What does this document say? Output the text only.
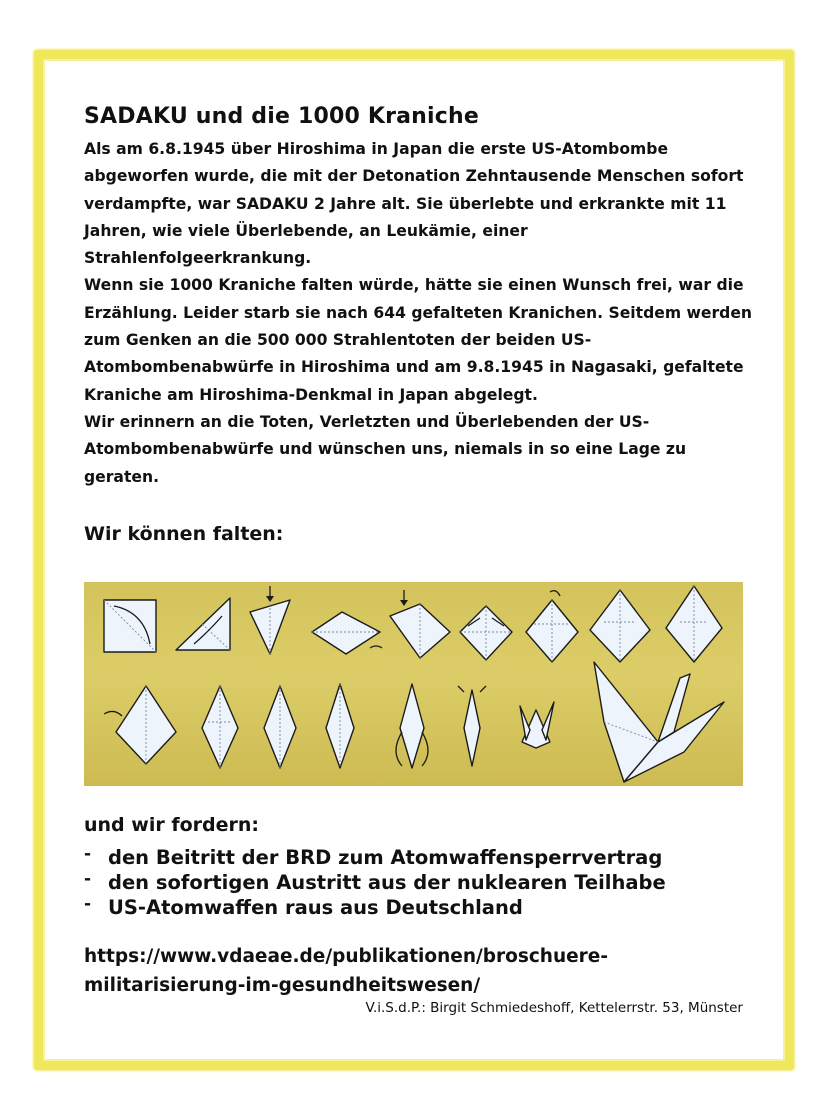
SADAKU und die 1000 Kraniche

Als am 6.8.1945 über Hiroshima in Japan die erste US-Atombombe abgeworfen wurde, die mit der Detonation Zehntausende Menschen sofort verdampfte, war SADAKU 2 Jahre alt. Sie überlebte und erkrankte mit 11 Jahren, wie viele Überlebende, an Leukämie, einer Strahlenfolgeerkrankung.

Wenn sie 1000 Kraniche falten würde, hätte sie einen Wunsch frei, war die Erzählung. Leider starb sie nach 644 gefalteten Kranichen. Seitdem werden zum Genken an die 500 000 Strahlentoten der beiden US-Atombombenabwürfe in Hiroshima und am 9.8.1945 in Nagasaki, gefaltete Kraniche am Hiroshima-Denkmal in Japan abgelegt.

Wir erinnern an die Toten, Verletzten und Überlebenden der US-Atombombenabwürfe und wünschen uns, niemals in so eine Lage zu geraten.

Wir können falten:
und wir fordern:
- den Beitritt der BRD zum Atomwaffensperrvertrag
- den sofortigen Austritt aus der nuklearen Teilhabe
- US-Atomwaffen raus aus Deutschland
https://www.vdaeae.de/publikationen/broschuere-militarisierung-im-gesundheitswesen/
V.i.S.d.P.: Birgit Schmiedeshoff, Kettelerrstr. 53, Münster
